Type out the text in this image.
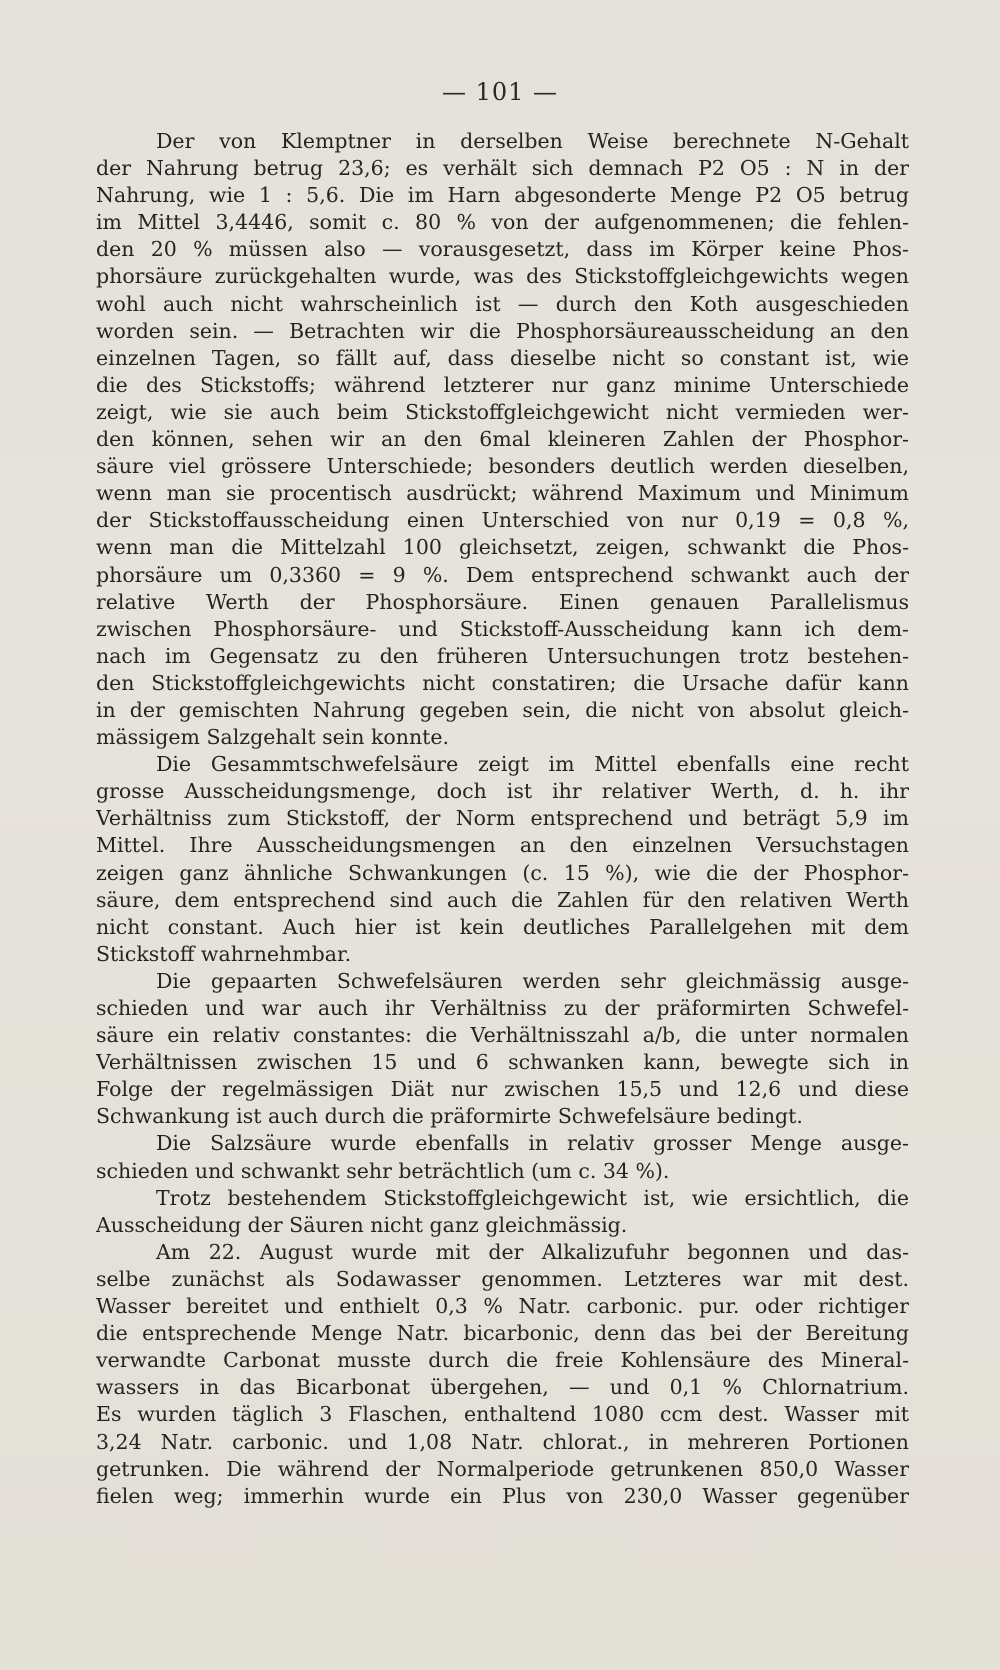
— 101 —
Der von Klemptner in derselben Weise berechnete N-Gehalt
der Nahrung betrug 23,6; es verhält sich demnach P2 O5 : N in der
Nahrung, wie 1 : 5,6. Die im Harn abgesonderte Menge P2 O5 betrug
im Mittel 3,4446, somit c. 80 % von der aufgenommenen; die fehlen-
den 20 % müssen also — vorausgesetzt, dass im Körper keine Phos-
phorsäure zurückgehalten wurde, was des Stickstoffgleichgewichts wegen
wohl auch nicht wahrscheinlich ist — durch den Koth ausgeschieden
worden sein. — Betrachten wir die Phosphorsäureausscheidung an den
einzelnen Tagen, so fällt auf, dass dieselbe nicht so constant ist, wie
die des Stickstoffs; während letzterer nur ganz minime Unterschiede
zeigt, wie sie auch beim Stickstoffgleichgewicht nicht vermieden wer-
den können, sehen wir an den 6mal kleineren Zahlen der Phosphor-
säure viel grössere Unterschiede; besonders deutlich werden dieselben,
wenn man sie procentisch ausdrückt; während Maximum und Minimum
der Stickstoffausscheidung einen Unterschied von nur 0,19 = 0,8 %,
wenn man die Mittelzahl 100 gleichsetzt, zeigen, schwankt die Phos-
phorsäure um 0,3360 = 9 %. Dem entsprechend schwankt auch der
relative Werth der Phosphorsäure. Einen genauen Parallelismus
zwischen Phosphorsäure- und Stickstoff-Ausscheidung kann ich dem-
nach im Gegensatz zu den früheren Untersuchungen trotz bestehen-
den Stickstoffgleichgewichts nicht constatiren; die Ursache dafür kann
in der gemischten Nahrung gegeben sein, die nicht von absolut gleich-
mässigem Salzgehalt sein konnte.
Die Gesammtschwefelsäure zeigt im Mittel ebenfalls eine recht
grosse Ausscheidungsmenge, doch ist ihr relativer Werth, d. h. ihr
Verhältniss zum Stickstoff, der Norm entsprechend und beträgt 5,9 im
Mittel. Ihre Ausscheidungsmengen an den einzelnen Versuchstagen
zeigen ganz ähnliche Schwankungen (c. 15 %), wie die der Phosphor-
säure, dem entsprechend sind auch die Zahlen für den relativen Werth
nicht constant. Auch hier ist kein deutliches Parallelgehen mit dem
Stickstoff wahrnehmbar.
Die gepaarten Schwefelsäuren werden sehr gleichmässig ausge-
schieden und war auch ihr Verhältniss zu der präformirten Schwefel-
säure ein relativ constantes: die Verhältnisszahl a/b, die unter normalen
Verhältnissen zwischen 15 und 6 schwanken kann, bewegte sich in
Folge der regelmässigen Diät nur zwischen 15,5 und 12,6 und diese
Schwankung ist auch durch die präformirte Schwefelsäure bedingt.
Die Salzsäure wurde ebenfalls in relativ grosser Menge ausge-
schieden und schwankt sehr beträchtlich (um c. 34 %).
Trotz bestehendem Stickstoffgleichgewicht ist, wie ersichtlich, die
Ausscheidung der Säuren nicht ganz gleichmässig.
Am 22. August wurde mit der Alkalizufuhr begonnen und das-
selbe zunächst als Sodawasser genommen. Letzteres war mit dest.
Wasser bereitet und enthielt 0,3 % Natr. carbonic. pur. oder richtiger
die entsprechende Menge Natr. bicarbonic, denn das bei der Bereitung
verwandte Carbonat musste durch die freie Kohlensäure des Mineral-
wassers in das Bicarbonat übergehen, — und 0,1 % Chlornatrium.
Es wurden täglich 3 Flaschen, enthaltend 1080 ccm dest. Wasser mit
3,24 Natr. carbonic. und 1,08 Natr. chlorat., in mehreren Portionen
getrunken. Die während der Normalperiode getrunkenen 850,0 Wasser
fielen weg; immerhin wurde ein Plus von 230,0 Wasser gegenüber
